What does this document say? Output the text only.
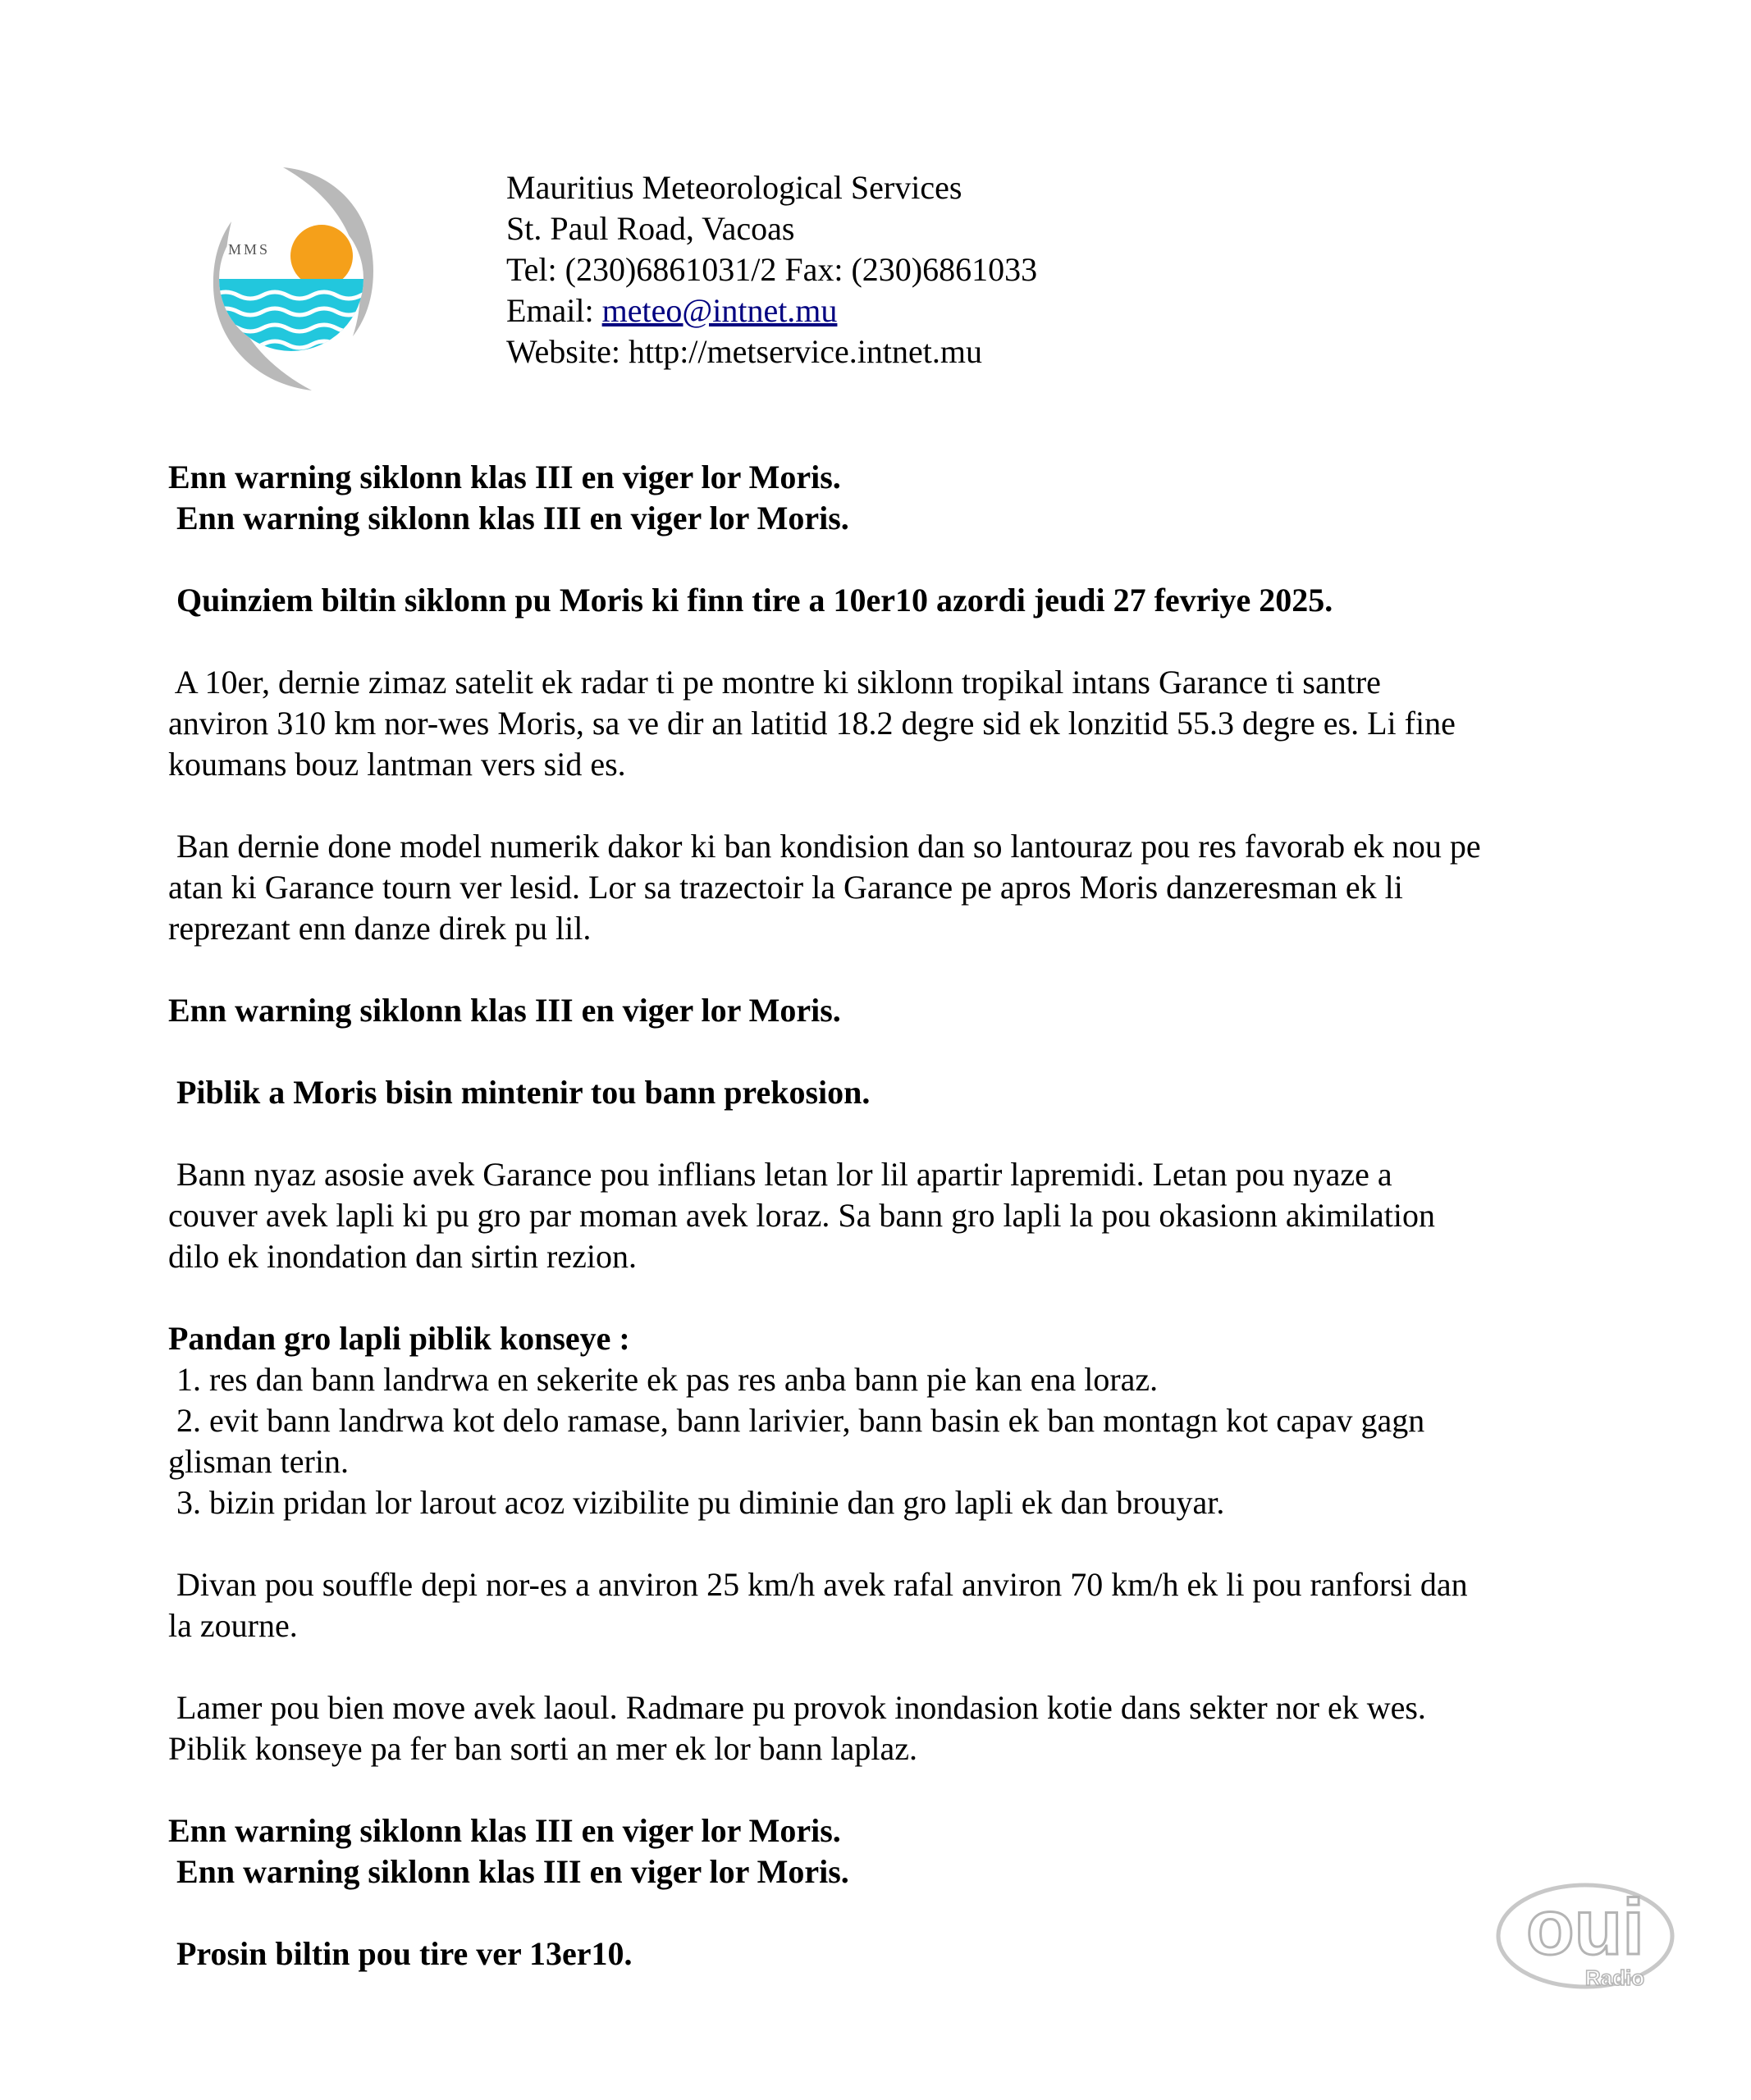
MMS
Mauritius Meteorological Services
St. Paul Road, Vacoas
Tel: (230)6861031/2 Fax: (230)6861033
Email: meteo@intnet.mu
Website: http://metservice.intnet.mu
Enn warning siklonn klas III en viger lor Moris.
Enn warning siklonn klas III en viger lor Moris.
Quinziem biltin siklonn pu Moris ki finn tire a 10er10 azordi jeudi 27 fevriye 2025.
A 10er, dernie zimaz satelit ek radar ti pe montre ki siklonn tropikal intans Garance ti santre
anviron 310 km nor-wes Moris, sa ve dir an latitid 18.2 degre sid ek lonzitid 55.3 degre es. Li fine
koumans bouz lantman vers sid es.
Ban dernie done model numerik dakor ki ban kondision dan so lantouraz pou res favorab ek nou pe
atan ki Garance tourn ver lesid. Lor sa trazectoir la Garance pe apros Moris danzeresman ek li
reprezant enn danze direk pu lil.
Enn warning siklonn klas III en viger lor Moris.
Piblik a Moris bisin mintenir tou bann prekosion.
Bann nyaz asosie avek Garance pou inflians letan lor lil apartir lapremidi. Letan pou nyaze a
couver avek lapli ki pu gro par moman avek loraz. Sa bann gro lapli la pou okasionn akimilation
dilo ek inondation dan sirtin rezion.
Pandan gro lapli piblik konseye :
1. res dan bann landrwa en sekerite ek pas res anba bann pie kan ena loraz.
2. evit bann landrwa kot delo ramase, bann larivier, bann basin ek ban montagn kot capav gagn
glisman terin.
3. bizin pridan lor larout acoz vizibilite pu diminie dan gro lapli ek dan brouyar.
Divan pou souffle depi nor-es a anviron 25 km/h avek rafal anviron 70 km/h ek li pou ranforsi dan
la zourne.
Lamer pou bien move avek laoul. Radmare pu provok inondasion kotie dans sekter nor ek wes.
Piblik konseye pa fer ban sorti an mer ek lor bann laplaz.
Enn warning siklonn klas III en viger lor Moris.
Enn warning siklonn klas III en viger lor Moris.
Prosin biltin pou tire ver 13er10.	oui
Radio
